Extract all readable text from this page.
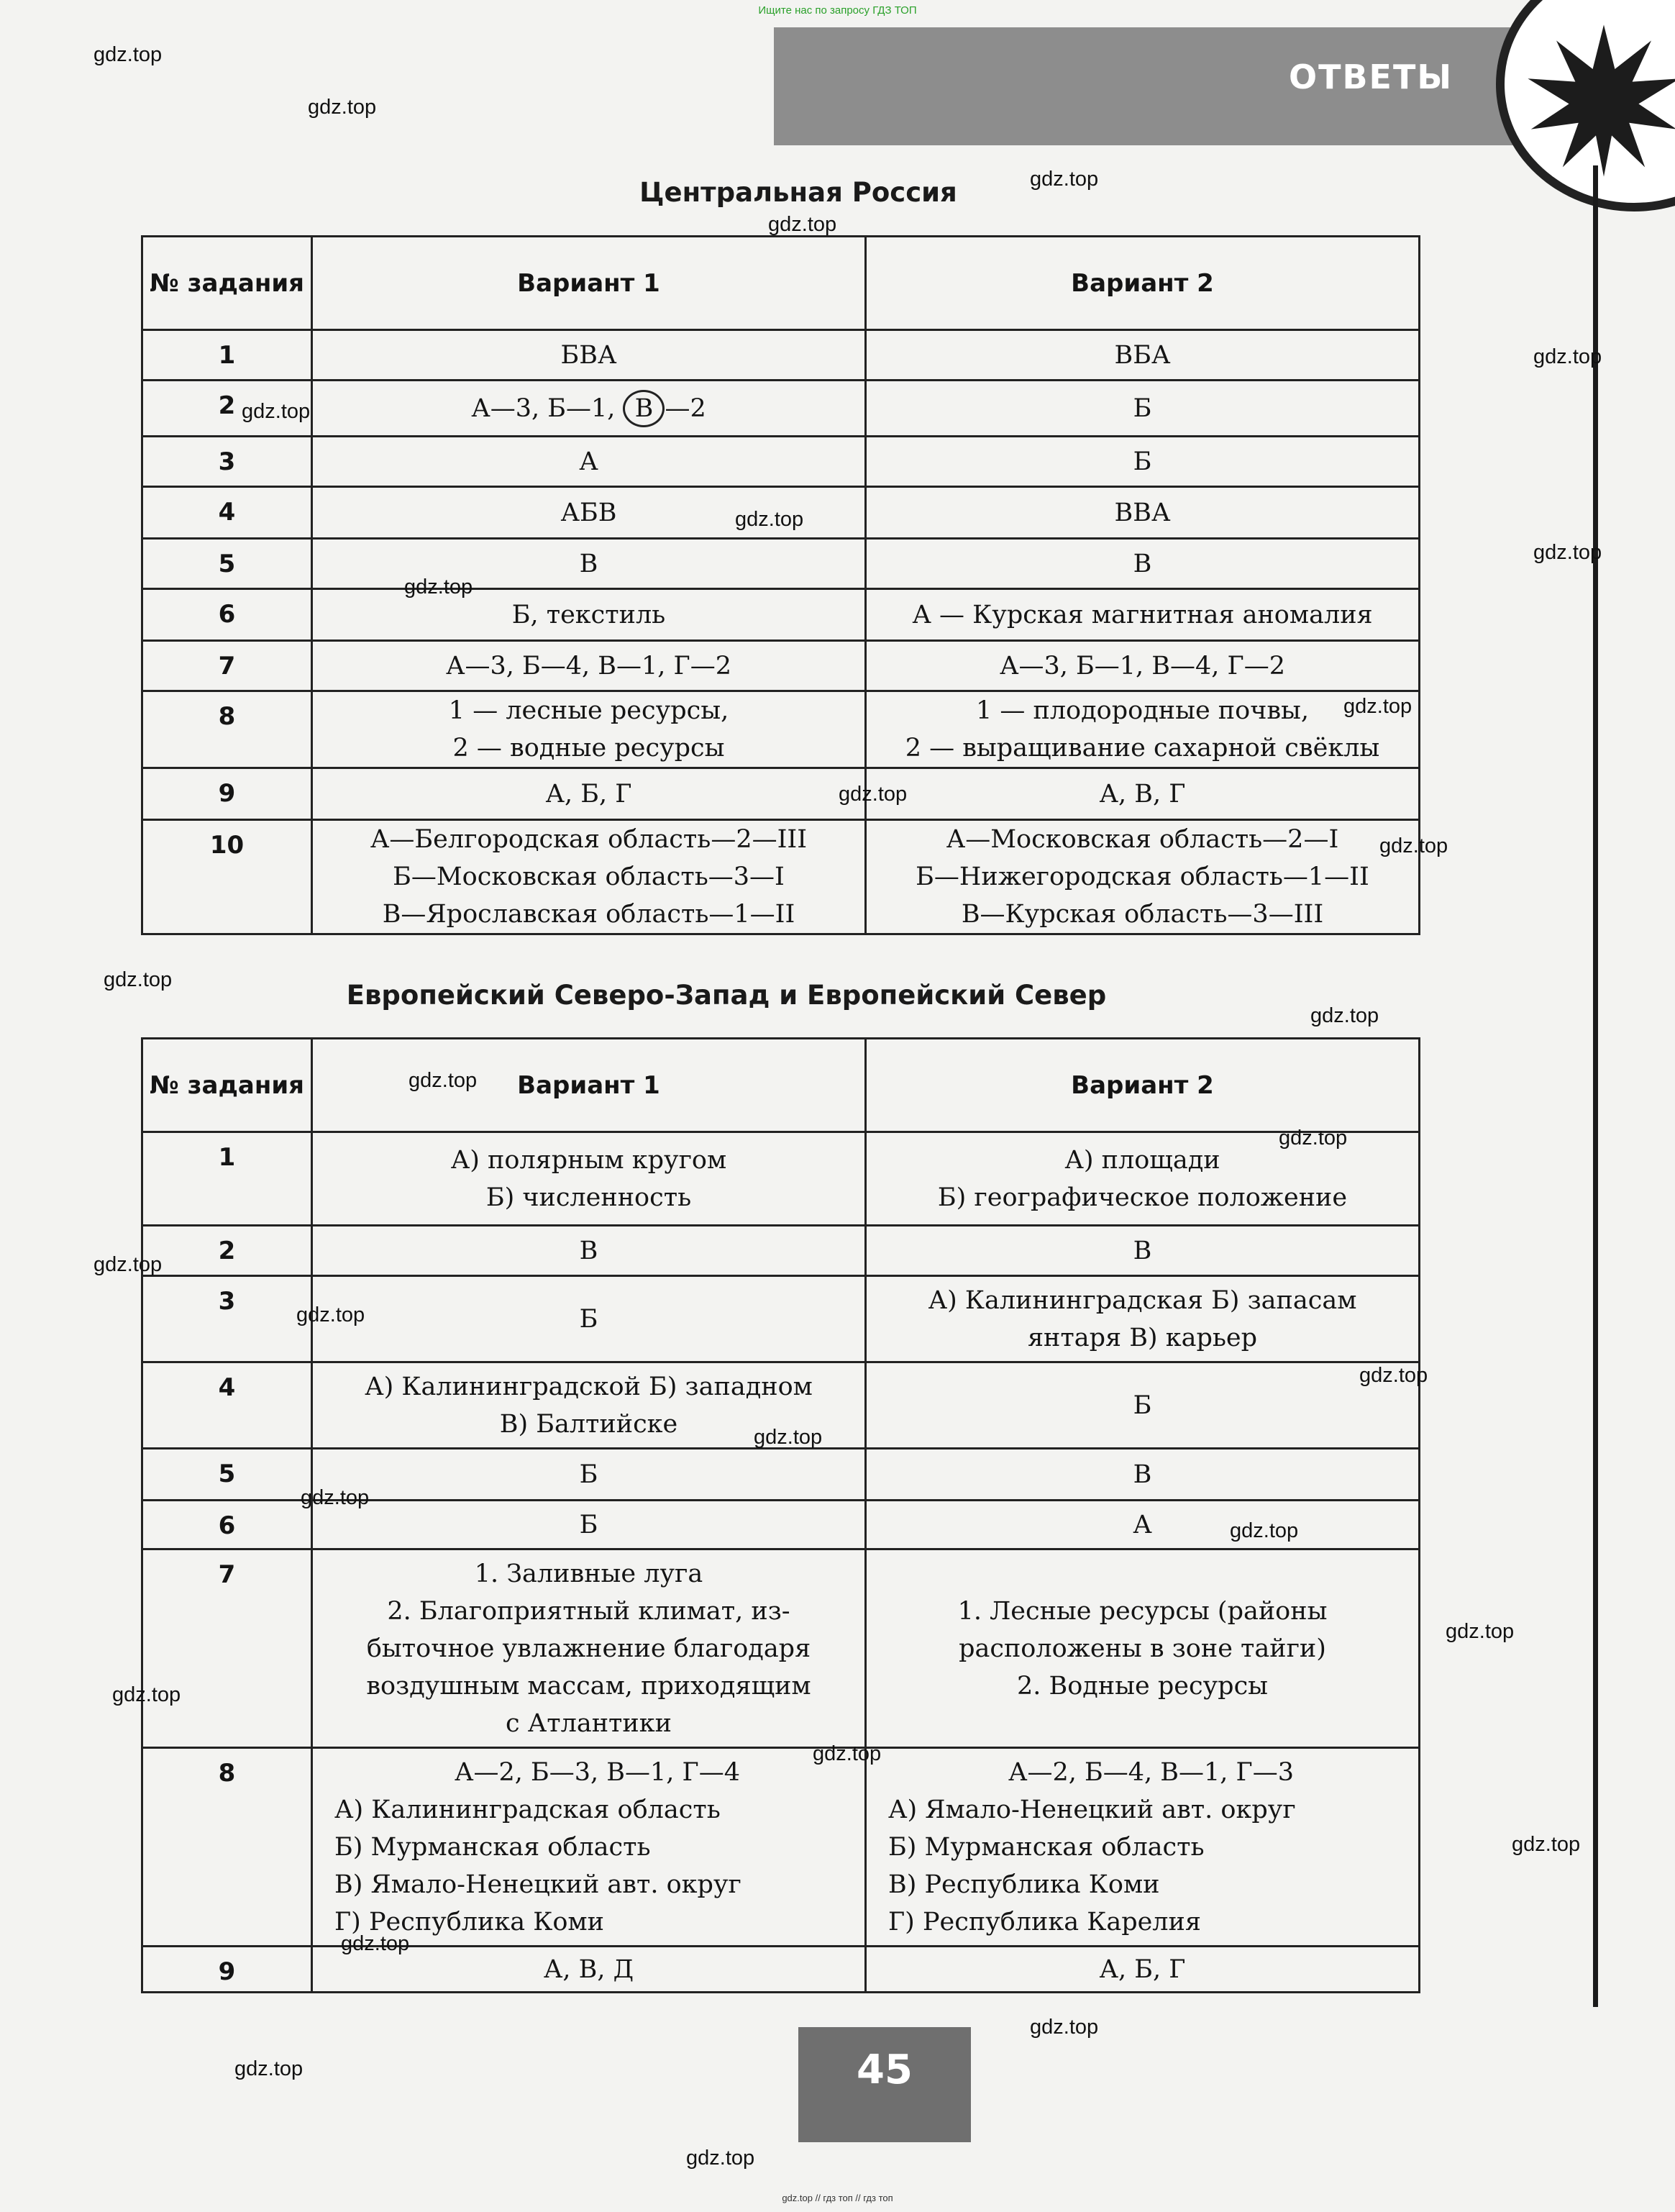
Ищите нас по запросу ГДЗ ТОП
ОТВЕТЫ
Центральная Россия
№ задания	Вариант 1	Вариант 2
1	БВА	ВБА

2	А—3, Б—1, В —2	Б

3	А	Б

4	АБВ	ВВА

5	В	В

6	Б, текстиль	А — Курская магнитная аномалия

7	А—3, Б—4, В—1, Г—2	А—3, Б—1, В—4, Г—2

8	1 — лесные ресурсы,
2 — водные ресурсы	1 — плодородные почвы,
2 — выращивание сахарной свёклы

9	А, Б, Г	А, В, Г

10	А—Белгородская область—2—III
Б—Московская область—3—I
В—Ярославская область—1—II	А—Московская область—2—I
Б—Нижегородская область—1—II
В—Курская область—3—III
Европейский Северо-Запад и Европейский Север
№ задания	Вариант 1	Вариант 2
1	А) полярным кругом
Б) численность	А) площади
Б) географическое положение

2	В	В

3	Б	А) Калининградская Б) запасам
янтаря В) карьер

4	А) Калининградской Б) западном
В) Балтийске	Б

5	Б	В

6	Б	А

7	1. Заливные луга
2. Благоприятный климат, из-
быточное увлажнение благодаря
воздушным массам, приходящим
с Атлантики	1. Лесные ресурсы (районы
расположены в зоне тайги)
2. Водные ресурсы

8	А—2, Б—3, В—1, Г—4
А) Калининградская область
Б) Мурманская область
В) Ямало-Ненецкий авт. округ
Г) Республика Коми	А—2, Б—4, В—1, Г—3
А) Ямало-Ненецкий авт. округ
Б) Мурманская область
В) Республика Коми
Г) Республика Карелия

9	А, В, Д	А, Б, Г
45
gdz.top // гдз топ // гдз топ
gdz.top
gdz.top
gdz.top
gdz.top
gdz.top
gdz.top
gdz.top
gdz.top
gdz.top
gdz.top
gdz.top
gdz.top
gdz.top
gdz.top
gdz.top
gdz.top
gdz.top
gdz.top
gdz.top
gdz.top
gdz.top
gdz.top
gdz.top
gdz.top
gdz.top
gdz.top
gdz.top
gdz.top
gdz.top
gdz.top
